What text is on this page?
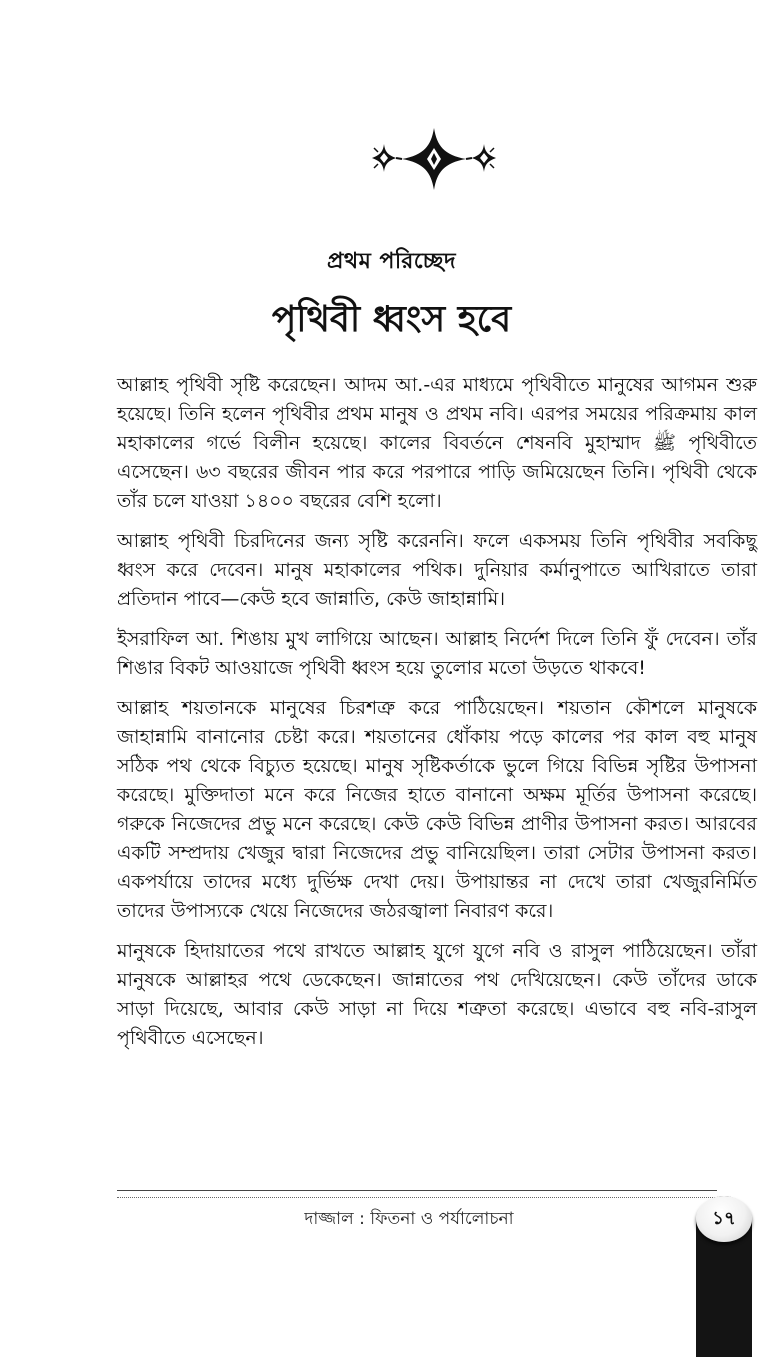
প্রথম পরিচ্ছেদ
পৃথিবী ধ্বংস হবে

আল্লাহ পৃথিবী সৃষ্টি করেছেন। আদম আ.-এর মাধ্যমে পৃথিবীতে মানুষের আগমন শুরু হয়েছে। তিনি হলেন পৃথিবীর প্রথম মানুষ ও প্রথম নবি। এরপর সময়ের পরিক্রমায় কাল মহাকালের গর্ভে বিলীন হয়েছে। কালের বিবর্তনে শেষনবি মুহাম্মাদ ﷺ পৃথিবীতে এসেছেন। ৬৩ বছরের জীবন পার করে পরপারে পাড়ি জমিয়েছেন তিনি। পৃথিবী থেকে তাঁর চলে যাওয়া ১৪০০ বছরের বেশি হলো।

আল্লাহ পৃথিবী চিরদিনের জন্য সৃষ্টি করেননি। ফলে একসময় তিনি পৃথিবীর সবকিছু ধ্বংস করে দেবেন। মানুষ মহাকালের পথিক। দুনিয়ার কর্মানুপাতে আখিরাতে তারা প্রতিদান পাবে—কেউ হবে জান্নাতি, কেউ জাহান্নামি।

ইসরাফিল আ. শিঙায় মুখ লাগিয়ে আছেন। আল্লাহ নির্দেশ দিলে তিনি ফুঁ দেবেন। তাঁর শিঙার বিকট আওয়াজে পৃথিবী ধ্বংস হয়ে তুলোর মতো উড়তে থাকবে!

আল্লাহ শয়তানকে মানুষের চিরশত্রু করে পাঠিয়েছেন। শয়তান কৌশলে মানুষকে জাহান্নামি বানানোর চেষ্টা করে। শয়তানের ধোঁকায় পড়ে কালের পর কাল বহু মানুষ সঠিক পথ থেকে বিচ্যুত হয়েছে। মানুষ সৃষ্টিকর্তাকে ভুলে গিয়ে বিভিন্ন সৃষ্টির উপাসনা করেছে। মুক্তিদাতা মনে করে নিজের হাতে বানানো অক্ষম মূর্তির উপাসনা করেছে। গরুকে নিজেদের প্রভু মনে করেছে। কেউ কেউ বিভিন্ন প্রাণীর উপাসনা করত। আরবের একটি সম্প্রদায় খেজুর দ্বারা নিজেদের প্রভু বানিয়েছিল। তারা সেটার উপাসনা করত। একপর্যায়ে তাদের মধ্যে দুর্ভিক্ষ দেখা দেয়। উপায়ান্তর না দেখে তারা খেজুরনির্মিত তাদের উপাস্যকে খেয়ে নিজেদের জঠরজ্বালা নিবারণ করে।

মানুষকে হিদায়াতের পথে রাখতে আল্লাহ যুগে যুগে নবি ও রাসুল পাঠিয়েছেন। তাঁরা মানুষকে আল্লাহর পথে ডেকেছেন। জান্নাতের পথ দেখিয়েছেন। কেউ তাঁদের ডাকে সাড়া দিয়েছে, আবার কেউ সাড়া না দিয়ে শত্রুতা করেছে। এভাবে বহু নবি-রাসুল পৃথিবীতে এসেছেন।

দাজ্জাল : ফিতনা ও পর্যালোচনা	১৭
